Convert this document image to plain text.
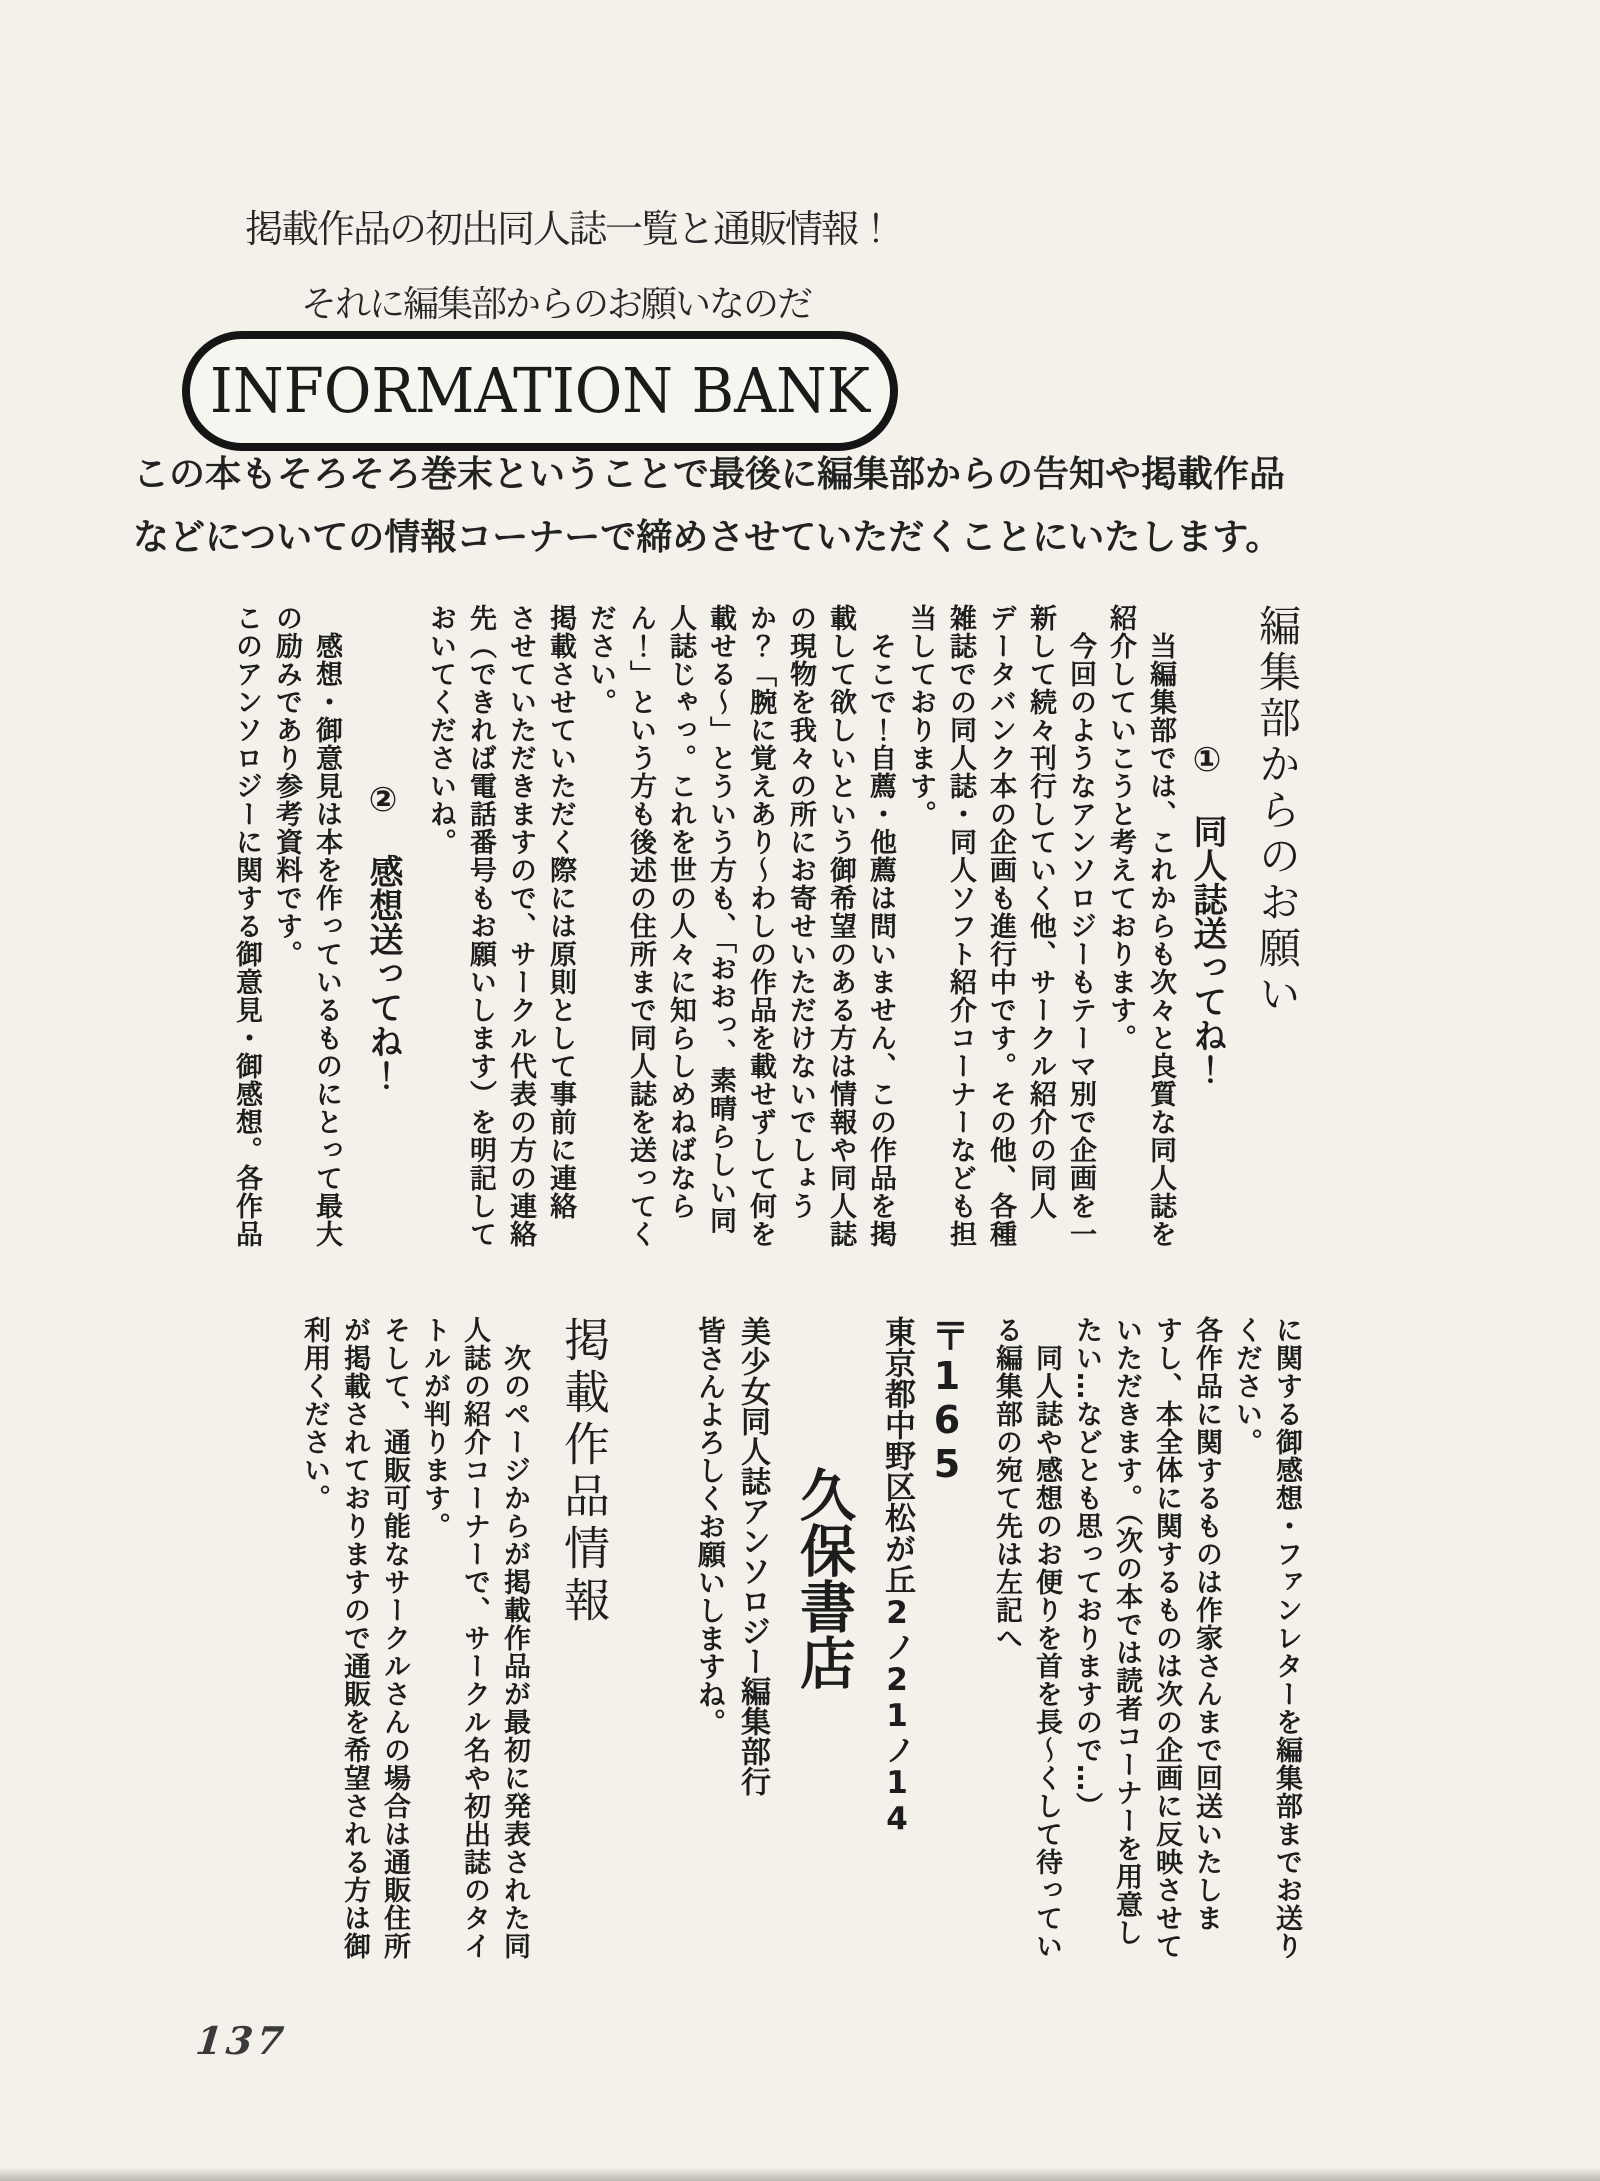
掲載作品の初出同人誌一覧と通販情報！
それに編集部からのお願いなのだ
INFORMATION BANK
この本もそろそろ巻末ということで最後に編集部からの告知や掲載作品
などについての情報コーナーで締めさせていただくことにいたします。
編集部からのお願い
①　同人誌送ってね！
　当編集部では、これからも次々と良質な同人誌を
紹介していこうと考えております。
　今回のようなアンソロジーもテーマ別で企画を一
新して続々刊行していく他、サークル紹介の同人
データバンク本の企画も進行中です。その他、各種
雑誌での同人誌・同人ソフト紹介コーナーなども担
当しております。
　そこで！自薦・他薦は問いません、この作品を掲
載して欲しいという御希望のある方は情報や同人誌
の現物を我々の所にお寄せいただけないでしょう
か？「腕に覚えあり～わしの作品を載せずして何を
載せる～」とういう方も、「おおっ、素晴らしい同
人誌じゃっ。これを世の人々に知らしめねばなら
ん！」という方も後述の住所まで同人誌を送ってく
ださい。
掲載させていただく際には原則として事前に連絡
させていただきますので、サークル代表の方の連絡
先（できれば電話番号もお願いします）を明記して
おいてくださいね。
②　感想送ってね！
　感想・御意見は本を作っているものにとって最大
の励みであり参考資料です。
このアンソロジーに関する御意見・御感想。各作品
に関する御感想・ファンレターを編集部までお送り
ください。
各作品に関するものは作家さんまで回送いたしま
すし、本全体に関するものは次の企画に反映させて
いただきます。（次の本では読者コーナーを用意し
たい…などとも思っておりますので…）
　同人誌や感想のお便りを首を長～くして待ってい
る編集部の宛て先は左記へ
〒165
東京都中野区松が丘2ノ21ノ14
久保書店
美少女同人誌アンソロジー編集部行
皆さんよろしくお願いしますね。
掲載作品情報
　次のページからが掲載作品が最初に発表された同
人誌の紹介コーナーで、サークル名や初出誌のタイ
トルが判ります。
そして、通販可能なサークルさんの場合は通販住所
が掲載されておりますので通販を希望される方は御
利用ください。
137
